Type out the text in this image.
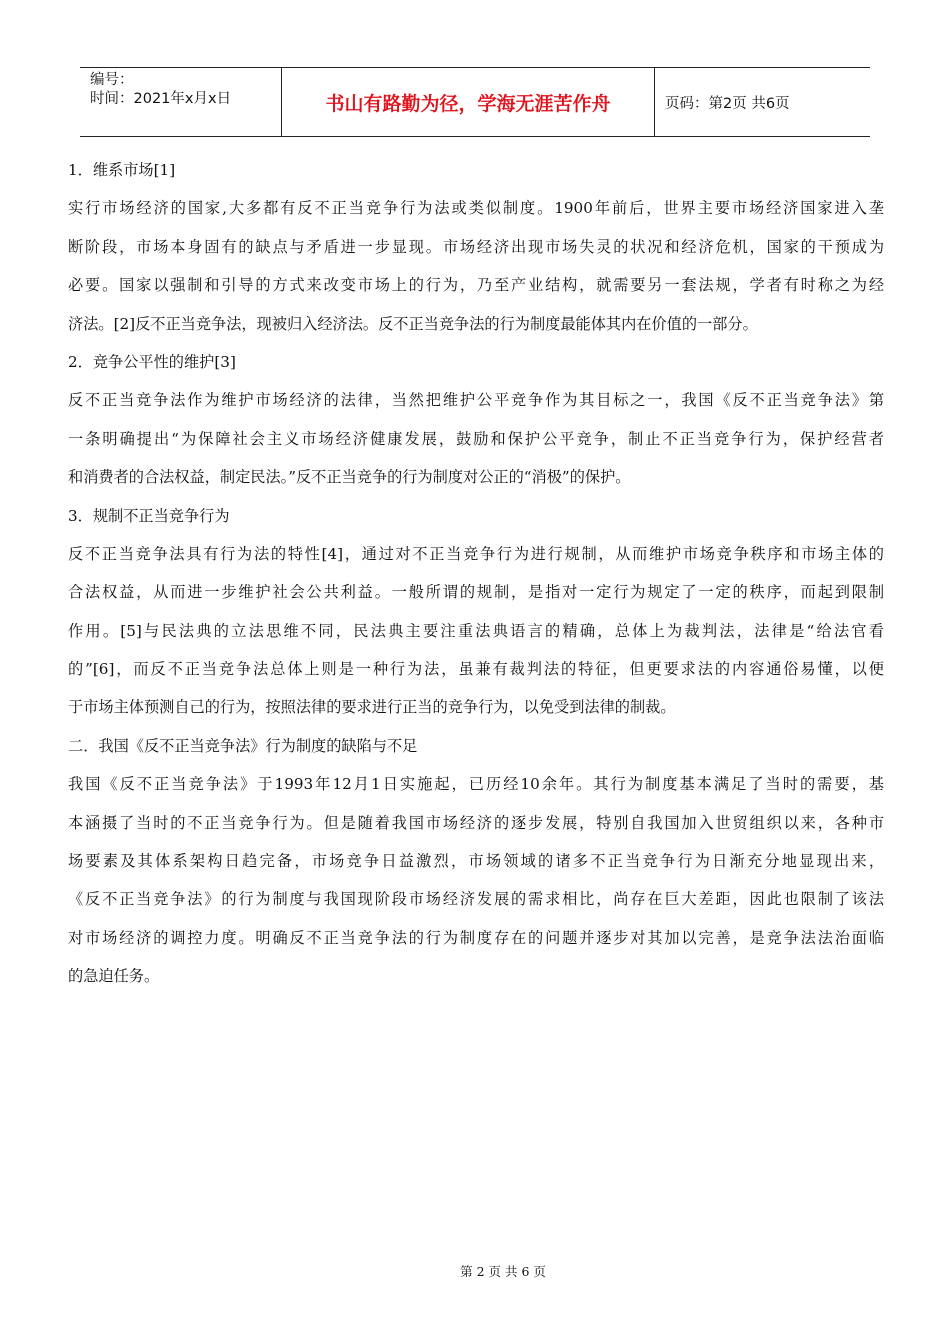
编号：
时间：2021年x月x日	书山有路勤为径，学海无涯苦作舟	页码：第2页 共6页
1．维系市场[1]
实行市场经济的国家,大多都有反不正当竞争行为法或类似制度。1900年前后，世界主要市场经济国家进入垄
断阶段，市场本身固有的缺点与矛盾进一步显现。市场经济出现市场失灵的状况和经济危机，国家的干预成为
必要。国家以强制和引导的方式来改变市场上的行为，乃至产业结构，就需要另一套法规，学者有时称之为经
济法。[2]反不正当竞争法，现被归入经济法。反不正当竞争法的行为制度最能体其内在价值的一部分。
2．竞争公平性的维护[3]
反不正当竞争法作为维护市场经济的法律，当然把维护公平竞争作为其目标之一，我国《反不正当竞争法》第
一条明确提出“为保障社会主义市场经济健康发展，鼓励和保护公平竞争，制止不正当竞争行为，保护经营者
和消费者的合法权益，制定民法。”反不正当竞争的行为制度对公正的“消极”的保护。
3．规制不正当竞争行为
反不正当竞争法具有行为法的特性[4]，通过对不正当竞争行为进行规制，从而维护市场竞争秩序和市场主体的
合法权益，从而进一步维护社会公共利益。一般所谓的规制，是指对一定行为规定了一定的秩序，而起到限制
作用。[5]与民法典的立法思维不同，民法典主要注重法典语言的精确，总体上为裁判法，法律是“给法官看
的”[6]，而反不正当竞争法总体上则是一种行为法，虽兼有裁判法的特征，但更要求法的内容通俗易懂，以便
于市场主体预测自己的行为，按照法律的要求进行正当的竞争行为，以免受到法律的制裁。
二．我国《反不正当竞争法》行为制度的缺陷与不足
我国《反不正当竞争法》于1993年12月1日实施起，已历经10余年。其行为制度基本满足了当时的需要，基
本涵摄了当时的不正当竞争行为。但是随着我国市场经济的逐步发展，特别自我国加入世贸组织以来，各种市
场要素及其体系架构日趋完备，市场竞争日益激烈，市场领域的诸多不正当竞争行为日渐充分地显现出来，
《反不正当竞争法》的行为制度与我国现阶段市场经济发展的需求相比，尚存在巨大差距，因此也限制了该法
对市场经济的调控力度。明确反不正当竞争法的行为制度存在的问题并逐步对其加以完善，是竞争法法治面临
的急迫任务。
第 2 页 共 6 页
